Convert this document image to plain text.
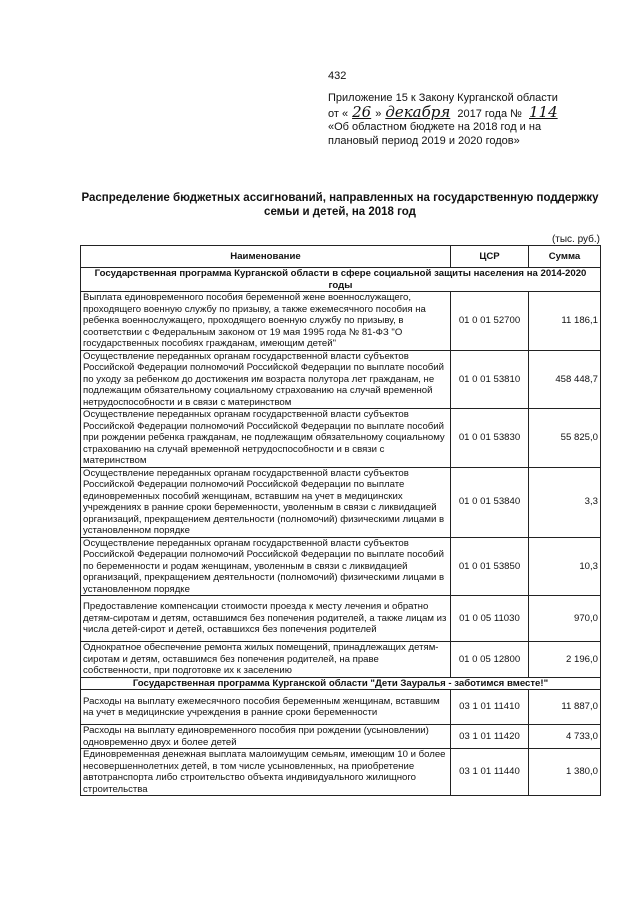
432
Приложение 15 к Закону Курганской области
от « 26 » декабря 2017 года № 114
«Об областном бюджете на 2018 год и на плановый период 2019 и 2020 годов»
Распределение бюджетных ассигнований, направленных на государственную поддержку семьи и детей, на 2018 год
(тыс. руб.)
Наименование	ЦСР	Сумма
Государственная программа Курганской области в сфере социальной защиты населения на 2014-2020 годы		
Выплата единовременного пособия беременной жене военнослужащего, проходящего военную службу по призыву, а также ежемесячного пособия на ребенка военнослужащего, проходящего военную службу по призыву, в соответствии с Федеральным законом от 19 мая 1995 года № 81-ФЗ "О государственных пособиях гражданам, имеющим детей"	01 0 01 52700	11 186,1
Осуществление переданных органам государственной власти субъектов Российской Федерации полномочий Российской Федерации по выплате пособий по уходу за ребенком до достижения им возраста полутора лет гражданам, не подлежащим обязательному социальному страхованию на случай временной нетрудоспособности и в связи с материнством	01 0 01 53810	458 448,7
Осуществление переданных органам государственной власти субъектов Российской Федерации полномочий Российской Федерации по выплате пособий при рождении ребенка гражданам, не подлежащим обязательному социальному страхованию на случай временной нетрудоспособности и в связи с материнством	01 0 01 53830	55 825,0
Осуществление переданных органам государственной власти субъектов Российской Федерации полномочий Российской Федерации по выплате единовременных пособий женщинам, вставшим на учет в медицинских учреждениях в ранние сроки беременности, уволенным в связи с ликвидацией организаций, прекращением деятельности (полномочий) физическими лицами в установленном порядке	01 0 01 53840	3,3
Осуществление переданных органам государственной власти субъектов Российской Федерации полномочий Российской Федерации по выплате пособий по беременности и родам женщинам, уволенным в связи с ликвидацией организаций, прекращением деятельности (полномочий) физическими лицами в установленном порядке	01 0 01 53850	10,3
Предоставление компенсации стоимости проезда к месту лечения и обратно детям-сиротам и детям, оставшимся без попечения родителей, а также лицам из числа детей-сирот и детей, оставшихся без попечения родителей	01 0 05 11030	970,0
Однократное обеспечение ремонта жилых помещений, принадлежащих детям-сиротам и детям, оставшимся без попечения родителей, на праве собственности, при подготовке их к заселению	01 0 05 12800	2 196,0
Государственная программа Курганской области "Дети Зауралья - заботимся вместе!"		
Расходы на выплату ежемесячного пособия беременным женщинам, вставшим на учет в медицинские учреждения в ранние сроки беременности	03 1 01 11410	11 887,0
Расходы на выплату единовременного пособия при рождении (усыновлении) одновременно двух и более детей	03 1 01 11420	4 733,0
Единовременная денежная выплата малоимущим семьям, имеющим 10 и более несовершеннолетних детей, в том числе усыновленных, на приобретение автотранспорта либо строительство объекта индивидуального жилищного строительства	03 1 01 11440	1 380,0
